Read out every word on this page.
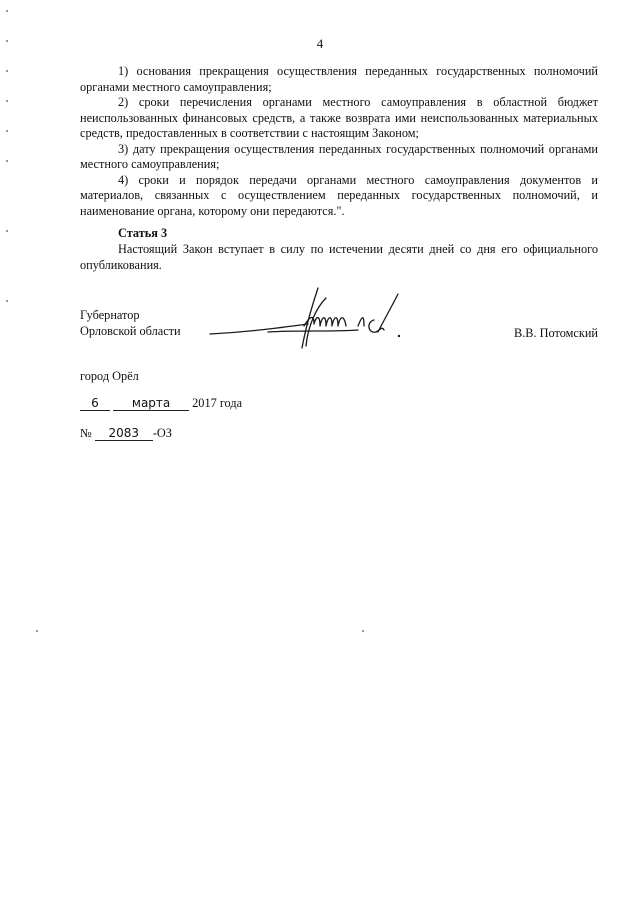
4

1) основания прекращения осуществления переданных государственных полномочий органами местного самоуправления;

2) сроки перечисления органами местного самоуправления в областной бюджет неиспользованных финансовых средств, а также возврата ими неиспользованных материальных средств, предоставленных в соответствии с настоящим Законом;

3) дату прекращения осуществления переданных государственных полномочий органами местного самоуправления;

4) сроки и порядок передачи органами местного самоуправления документов и материалов, связанных с осуществлением переданных государственных полномочий, и наименование органа, которому они передаются.".

Статья 3

Настоящий Закон вступает в силу по истечении десяти дней со дня его официального опубликования.

Губернатор
Орловской области	В.В. Потомский
город Орёл
6	марта 2017 года
№ 2083 -ОЗ
